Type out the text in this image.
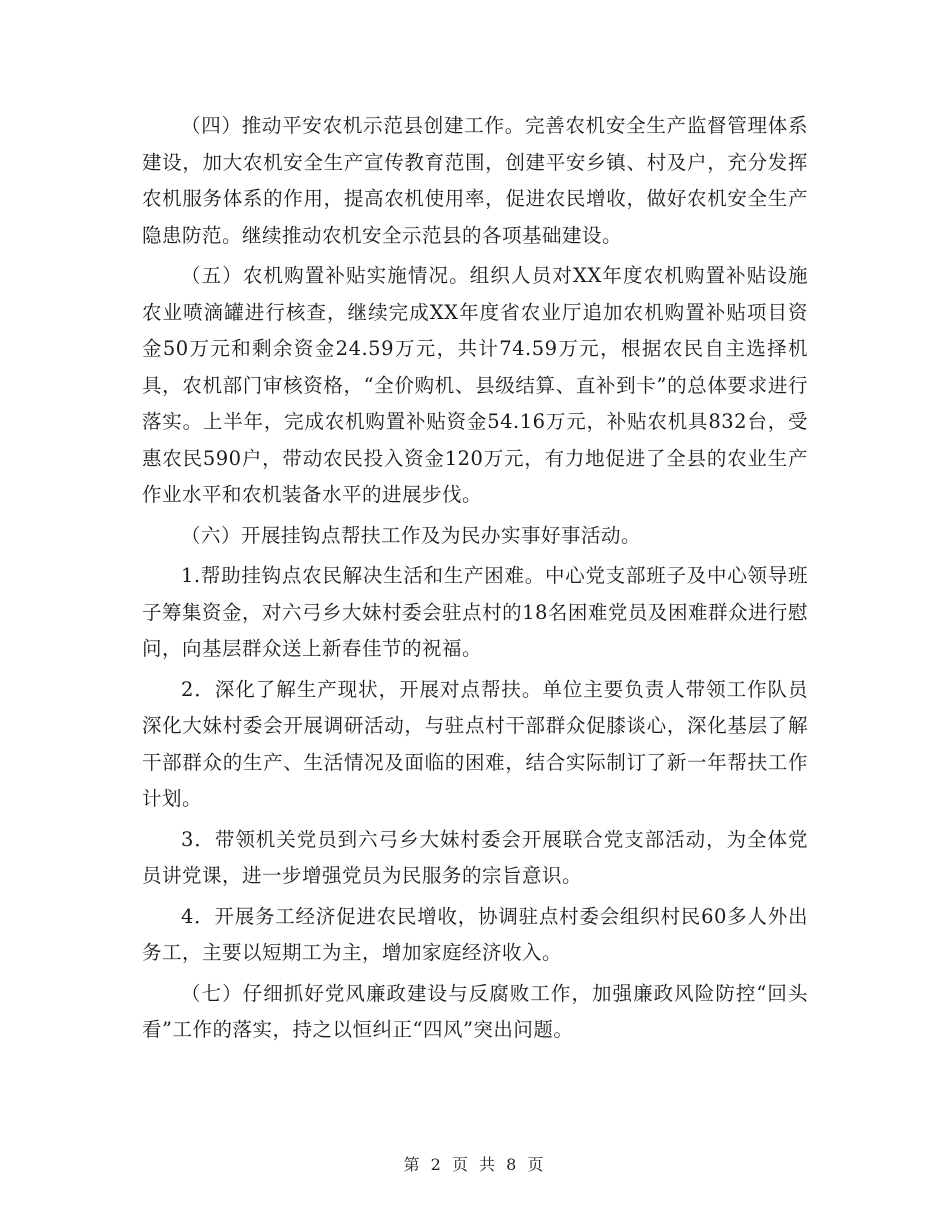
（四）推动平安农机示范县创建工作。完善农机安全生产监督管理体系建设，加大农机安全生产宣传教育范围，创建平安乡镇、村及户，充分发挥农机服务体系的作用，提高农机使用率，促进农民增收，做好农机安全生产隐患防范。继续推动农机安全示范县的各项基础建设。

（五）农机购置补贴实施情况。组织人员对XX年度农机购置补贴设施农业喷滴罐进行核查，继续完成XX年度省农业厅追加农机购置补贴项目资金50万元和剩余资金24.59万元，共计74.59万元，根据农民自主选择机具，农机部门审核资格，“全价购机、县级结算、直补到卡”的总体要求进行落实。上半年，完成农机购置补贴资金54.16万元，补贴农机具832台，受惠农民590户，带动农民投入资金120万元，有力地促进了全县的农业生产作业水平和农机装备水平的进展步伐。

（六）开展挂钩点帮扶工作及为民办实事好事活动。

1.帮助挂钩点农民解决生活和生产困难。中心党支部班子及中心领导班子筹集资金，对六弓乡大妹村委会驻点村的18名困难党员及困难群众进行慰问，向基层群众送上新春佳节的祝福。

2．深化了解生产现状，开展对点帮扶。单位主要负责人带领工作队员深化大妹村委会开展调研活动，与驻点村干部群众促膝谈心，深化基层了解干部群众的生产、生活情况及面临的困难，结合实际制订了新一年帮扶工作计划。

3．带领机关党员到六弓乡大妹村委会开展联合党支部活动，为全体党员讲党课，进一步增强党员为民服务的宗旨意识。

4．开展务工经济促进农民增收，协调驻点村委会组织村民60多人外出务工，主要以短期工为主，增加家庭经济收入。

（七）仔细抓好党风廉政建设与反腐败工作，加强廉政风险防控“回头看”工作的落实，持之以恒纠正“四风”突出问题。

第 2 页 共 8 页
